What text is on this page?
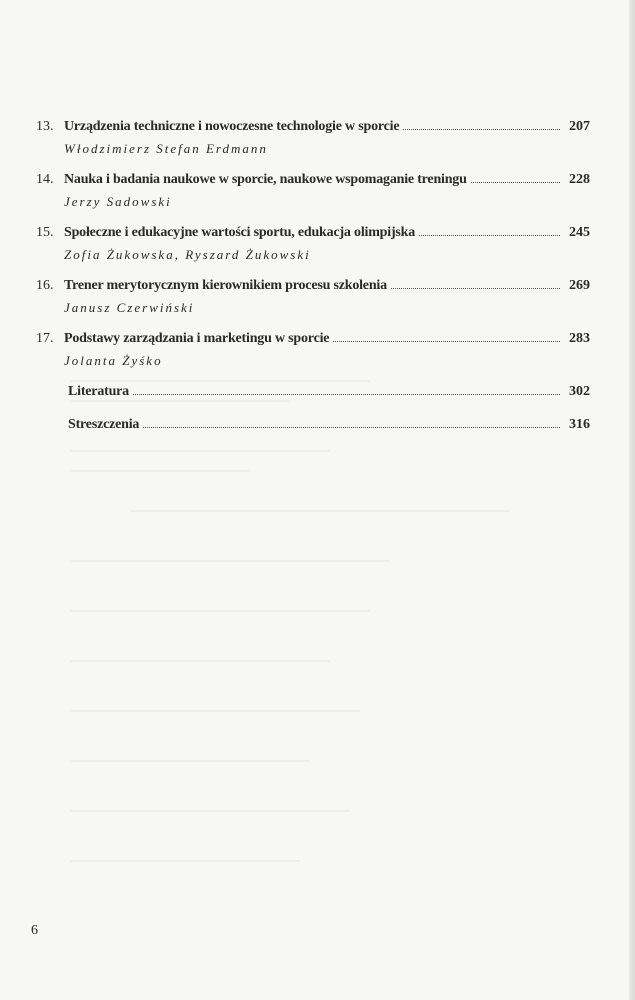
13. Urządzenia techniczne i nowoczesne technologie w sporcie	207
Włodzimierz Stefan Erdmann
14. Nauka i badania naukowe w sporcie, naukowe wspomaganie treningu	228
Jerzy Sadowski
15. Społeczne i edukacyjne wartości sportu, edukacja olimpijska	245
Zofia Żukowska, Ryszard Żukowski
16. Trener merytorycznym kierownikiem procesu szkolenia	269
Janusz Czerwiński
17. Podstawy zarządzania i marketingu w sporcie	283
Jolanta Żyśko
Literatura	302
Streszczenia	316
6
